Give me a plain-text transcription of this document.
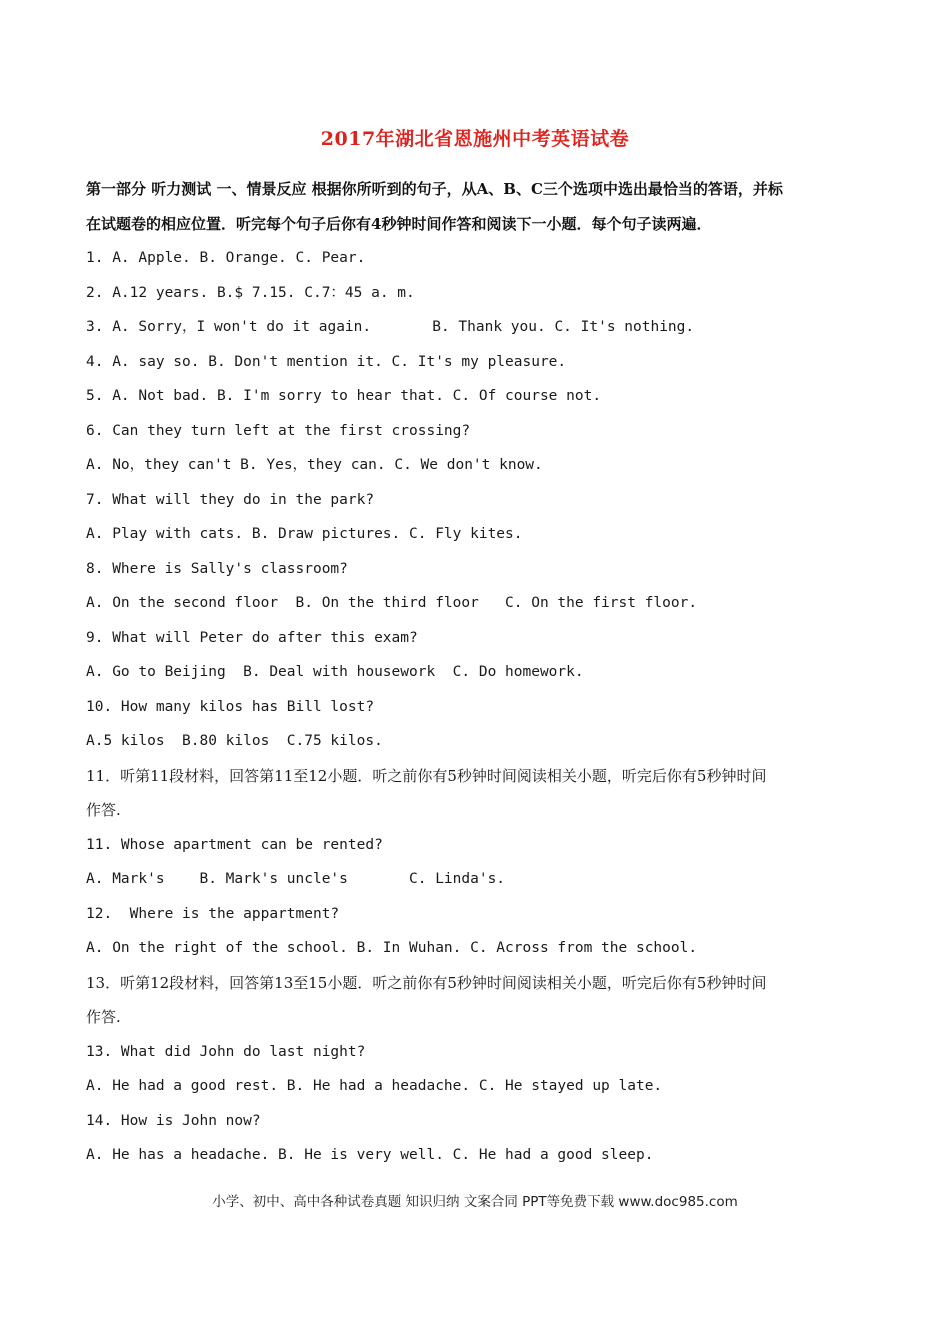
2017年湖北省恩施州中考英语试卷
第一部分 听力测试 一、情景反应 根据你所听到的句子，从A、B、C三个选项中选出最恰当的答语，并标
在试题卷的相应位置．听完每个句子后你有4秒钟时间作答和阅读下一小题．每个句子读两遍．
1. A. Apple. B. Orange. C. Pear.
2. A.12 years. B.$ 7.15. C.7：45 a. m.
3. A. Sorry，I won't do it again.       B. Thank you. C. It's nothing.
4. A. say so. B. Don't mention it. C. It's my pleasure.
5. A. Not bad. B. I'm sorry to hear that. C. Of course not.
6. Can they turn left at the first crossing?
A. No，they can't B. Yes，they can. C. We don't know.
7. What will they do in the park?
A. Play with cats. B. Draw pictures. C. Fly kites.
8. Where is Sally's classroom?
A. On the second floor  B. On the third floor   C. On the first floor.
9. What will Peter do after this exam?
A. Go to Beijing  B. Deal with housework  C. Do homework.
10. How many kilos has Bill lost?
A.5 kilos  B.80 kilos  C.75 kilos.
11．听第11段材料，回答第11至12小题．听之前你有5秒钟时间阅读相关小题，听完后你有5秒钟时间
作答.
11. Whose apartment can be rented?
A. Mark's    B. Mark's uncle's       C. Linda's.
12.  Where is the appartment?
A. On the right of the school. B. In Wuhan. C. Across from the school.
13．听第12段材料，回答第13至15小题．听之前你有5秒钟时间阅读相关小题，听完后你有5秒钟时间
作答.
13. What did John do last night?
A. He had a good rest. B. He had a headache. C. He stayed up late.
14. How is John now?
A. He has a headache. B. He is very well. C. He had a good sleep.
小学、初中、高中各种试卷真题 知识归纳 文案合同 PPT等免费下载 www.doc985.com
